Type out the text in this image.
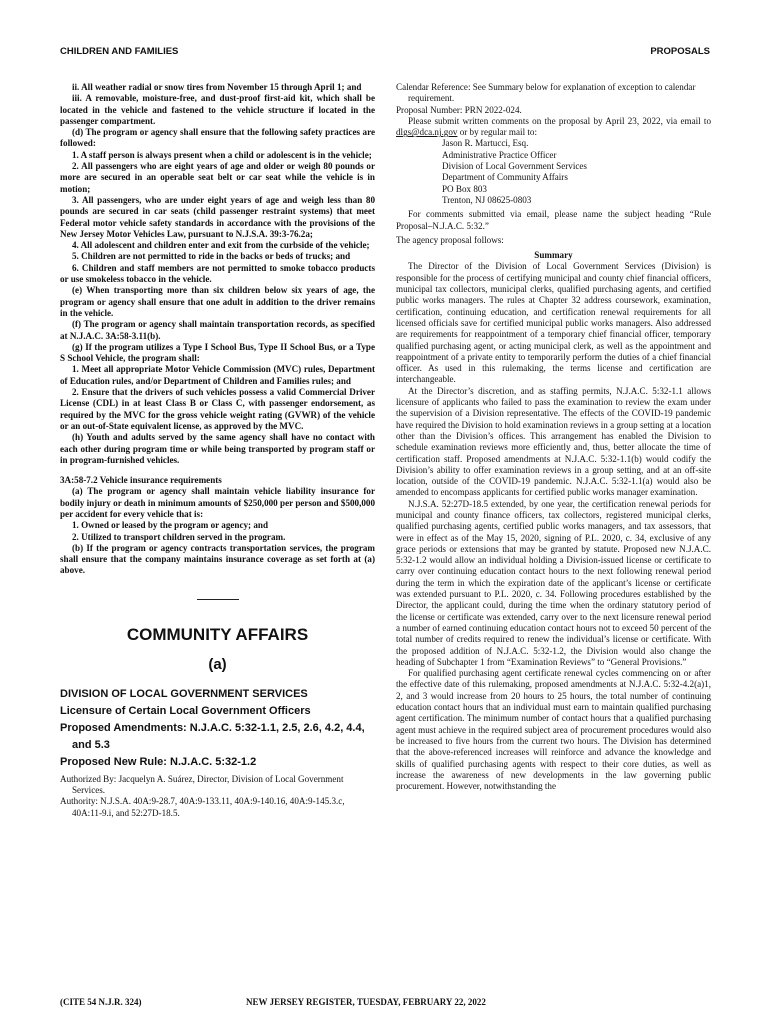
CHILDREN AND FAMILIES	PROPOSALS

ii. All weather radial or snow tires from November 15 through April 1; and

iii. A removable, moisture-free, and dust-proof first-aid kit, which shall be located in the vehicle and fastened to the vehicle structure if located in the passenger compartment.

(d) The program or agency shall ensure that the following safety practices are followed:

1. A staff person is always present when a child or adolescent is in the vehicle;

2. All passengers who are eight years of age and older or weigh 80 pounds or more are secured in an operable seat belt or car seat while the vehicle is in motion;

3. All passengers, who are under eight years of age and weigh less than 80 pounds are secured in car seats (child passenger restraint systems) that meet Federal motor vehicle safety standards in accordance with the provisions of the New Jersey Motor Vehicles Law, pursuant to N.J.S.A. 39:3-76.2a;

4. All adolescent and children enter and exit from the curbside of the vehicle;

5. Children are not permitted to ride in the backs or beds of trucks; and

6. Children and staff members are not permitted to smoke tobacco products or use smokeless tobacco in the vehicle.

(e) When transporting more than six children below six years of age, the program or agency shall ensure that one adult in addition to the driver remains in the vehicle.

(f) The program or agency shall maintain transportation records, as specified at N.J.A.C. 3A:58-3.11(b).

(g) If the program utilizes a Type I School Bus, Type II School Bus, or a Type S School Vehicle, the program shall:

1. Meet all appropriate Motor Vehicle Commission (MVC) rules, Department of Education rules, and/or Department of Children and Families rules; and

2. Ensure that the drivers of such vehicles possess a valid Commercial Driver License (CDL) in at least Class B or Class C, with passenger endorsement, as required by the MVC for the gross vehicle weight rating (GVWR) of the vehicle or an out-of-State equivalent license, as approved by the MVC.

(h) Youth and adults served by the same agency shall have no contact with each other during program time or while being transported by program staff or in program-furnished vehicles.

3A:58-7.2 Vehicle insurance requirements

(a) The program or agency shall maintain vehicle liability insurance for bodily injury or death in minimum amounts of $250,000 per person and $500,000 per accident for every vehicle that is:

1. Owned or leased by the program or agency; and

2. Utilized to transport children served in the program.

(b) If the program or agency contracts transportation services, the program shall ensure that the company maintains insurance coverage as set forth at (a) above.

COMMUNITY AFFAIRS
(a)
DIVISION OF LOCAL GOVERNMENT SERVICES
Licensure of Certain Local Government Officers
Proposed Amendments: N.J.A.C. 5:32-1.1, 2.5, 2.6, 4.2, 4.4, and 5.3
Proposed New Rule: N.J.A.C. 5:32-1.2

Authorized By: Jacquelyn A. Suárez, Director, Division of Local Government Services.

Authority: N.J.S.A. 40A:9-28.7, 40A:9-133.11, 40A:9-140.16, 40A:9-145.3.c, 40A:11-9.i, and 52:27D-18.5.

Calendar Reference: See Summary below for explanation of exception to calendar requirement.

Proposal Number: PRN 2022-024.

Please submit written comments on the proposal by April 23, 2022, via email to dlgs@dca.nj.gov or by regular mail to:

Jason R. Martucci, Esq.

Administrative Practice Officer

Division of Local Government Services

Department of Community Affairs

PO Box 803

Trenton, NJ 08625-0803

For comments submitted via email, please name the subject heading “Rule Proposal–N.J.A.C. 5:32.”

The agency proposal follows:

Summary

The Director of the Division of Local Government Services (Division) is responsible for the process of certifying municipal and county chief financial officers, municipal tax collectors, municipal clerks, qualified purchasing agents, and certified public works managers. The rules at Chapter 32 address coursework, examination, certification, continuing education, and certification renewal requirements for all licensed officials save for certified municipal public works managers. Also addressed are requirements for reappointment of a temporary chief financial officer, temporary qualified purchasing agent, or acting municipal clerk, as well as the appointment and reappointment of a private entity to temporarily perform the duties of a chief financial officer. As used in this rulemaking, the terms license and certification are interchangeable.

At the Director’s discretion, and as staffing permits, N.J.A.C. 5:32-1.1 allows licensure of applicants who failed to pass the examination to review the exam under the supervision of a Division representative. The effects of the COVID-19 pandemic have required the Division to hold examination reviews in a group setting at a location other than the Division’s offices. This arrangement has enabled the Division to schedule examination reviews more efficiently and, thus, better allocate the time of certification staff. Proposed amendments at N.J.A.C. 5:32-1.1(b) would codify the Division’s ability to offer examination reviews in a group setting, and at an off-site location, outside of the COVID-19 pandemic. N.J.A.C. 5:32-1.1(a) would also be amended to encompass applicants for certified public works manager examination.

N.J.S.A. 52:27D-18.5 extended, by one year, the certification renewal periods for municipal and county finance officers, tax collectors, registered municipal clerks, qualified purchasing agents, certified public works managers, and tax assessors, that were in effect as of the May 15, 2020, signing of P.L. 2020, c. 34, exclusive of any grace periods or extensions that may be granted by statute. Proposed new N.J.A.C. 5:32-1.2 would allow an individual holding a Division-issued license or certificate to carry over continuing education contact hours to the next following renewal period during the term in which the expiration date of the applicant’s license or certificate was extended pursuant to P.L. 2020, c. 34. Following procedures established by the Director, the applicant could, during the time when the ordinary statutory period of the license or certificate was extended, carry over to the next licensure renewal period a number of earned continuing education contact hours not to exceed 50 percent of the total number of credits required to renew the individual’s license or certificate. With the proposed addition of N.J.A.C. 5:32-1.2, the Division would also change the heading of Subchapter 1 from “Examination Reviews” to “General Provisions.”

For qualified purchasing agent certificate renewal cycles commencing on or after the effective date of this rulemaking, proposed amendments at N.J.A.C. 5:32-4.2(a)1, 2, and 3 would increase from 20 hours to 25 hours, the total number of continuing education contact hours that an individual must earn to maintain qualified purchasing agent certification. The minimum number of contact hours that a qualified purchasing agent must achieve in the required subject area of procurement procedures would also be increased to five hours from the current two hours. The Division has determined that the above-referenced increases will reinforce and advance the knowledge and skills of qualified purchasing agents with respect to their core duties, as well as increase the awareness of new developments in the law governing public procurement. However, notwithstanding the

(CITE 54 N.J.R. 324)	NEW JERSEY REGISTER, TUESDAY, FEBRUARY 22, 2022
